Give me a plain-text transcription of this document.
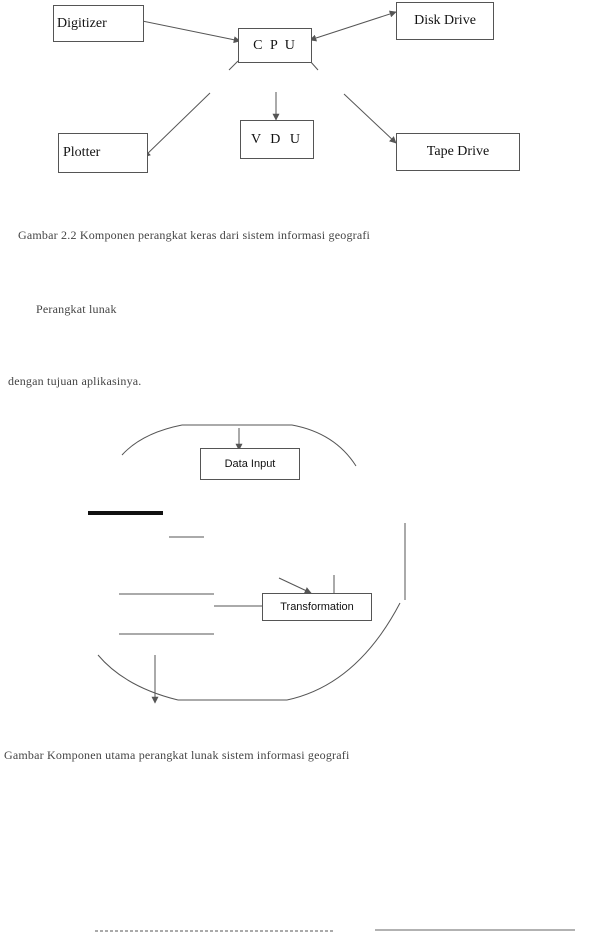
Digitizer
C P U
Disk Drive
Plotter
V D U
Tape Drive
Gambar 2.2 Komponen perangkat keras dari sistem informasi geografi
Perangkat lunak
dengan tujuan aplikasinya.
Data Input
Transformation
Gambar Komponen utama perangkat lunak sistem informasi geografi
